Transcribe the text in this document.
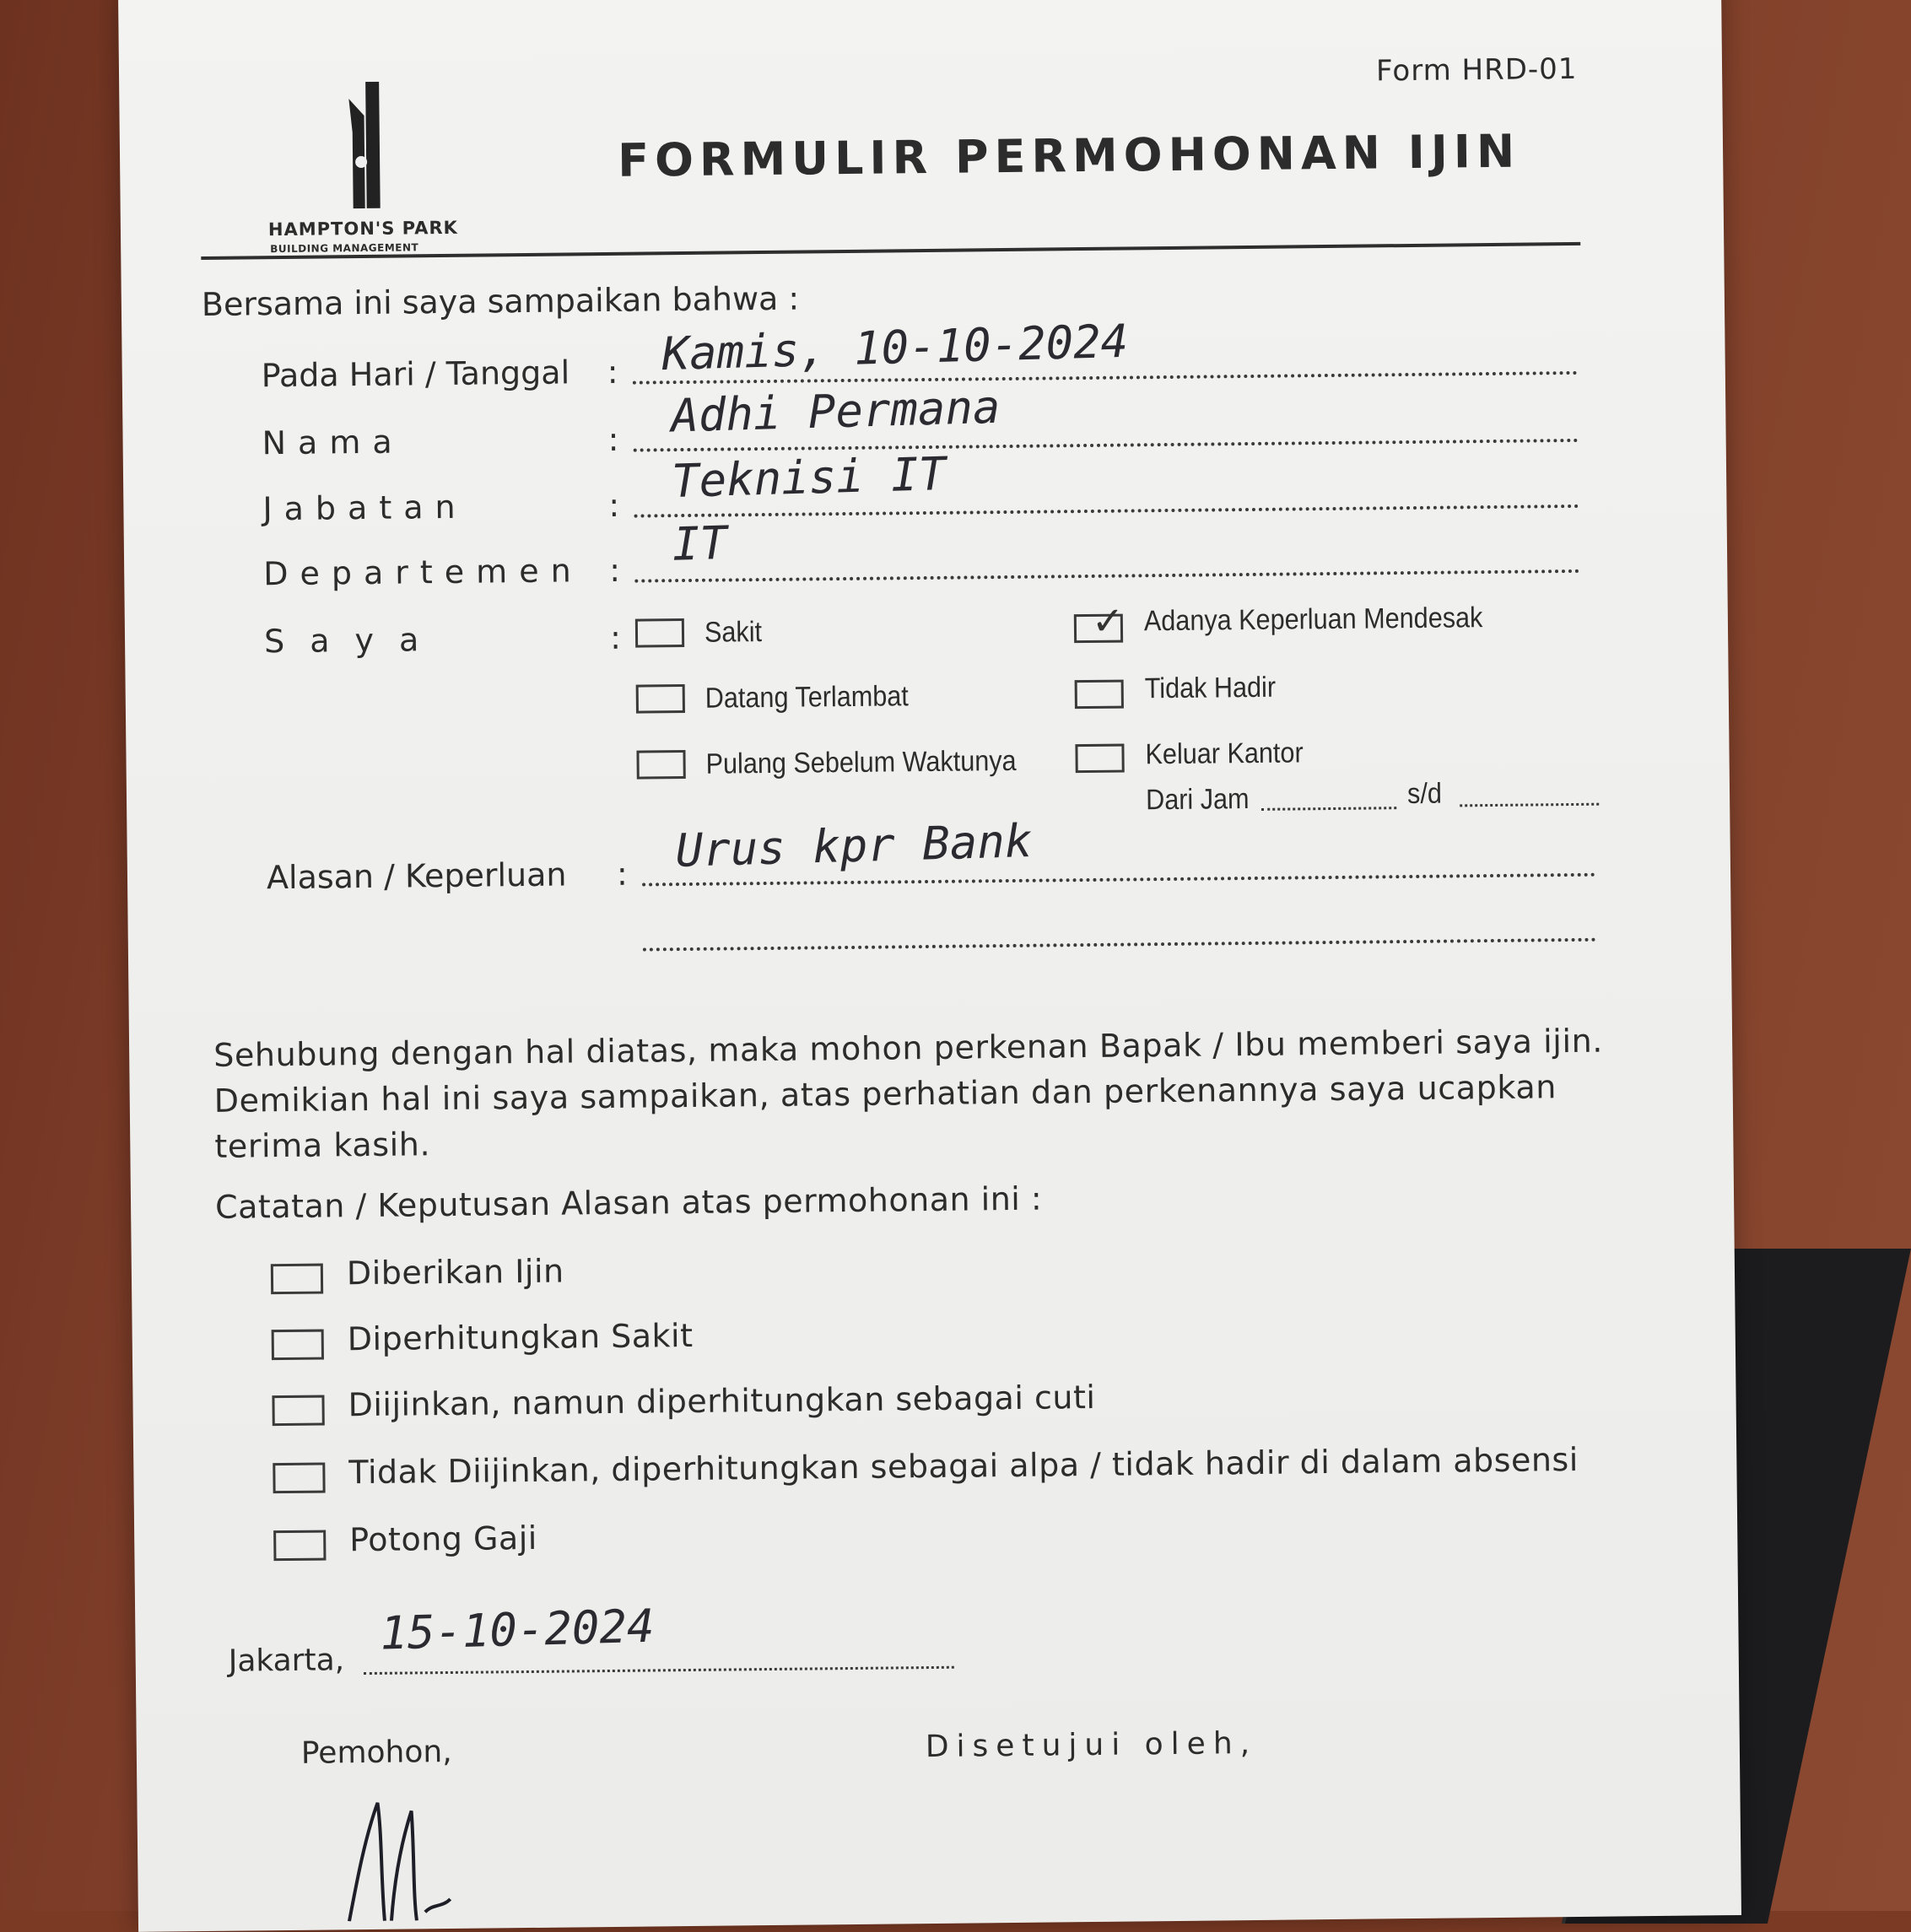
Form HRD-01
HAMPTON'S PARK
BUILDING MANAGEMENT
FORMULIR PERMOHONAN IJIN
Bersama ini saya sampaikan bahwa :
Pada Hari / Tanggal : Kamis, 10-10-2024
Nama	: Adhi Permana
Jabatan	: Teknisi IT
Departemen : IT
Saya	:	Sakit	✓ Adanya Keperluan Mendesak
Datang Terlambat	Tidak Hadir
Pulang Sebelum Waktunya	Keluar Kantor
Dari Jam	s/d
Alasan / Keperluan : Urus kpr Bank
Sehubung dengan hal diatas, maka mohon perkenan Bapak / Ibu memberi saya ijin. Demikian hal ini saya sampaikan, atas perhatian dan perkenannya saya ucapkan terima kasih.
Catatan / Keputusan Alasan atas permohonan ini :
Diberikan Ijin
Diperhitungkan Sakit
Diijinkan, namun diperhitungkan sebagai cuti
Tidak Diijinkan, diperhitungkan sebagai alpa / tidak hadir di dalam absensi
Potong Gaji
Jakarta,
15-10-2024
Pemohon,	Disetujui oleh,
